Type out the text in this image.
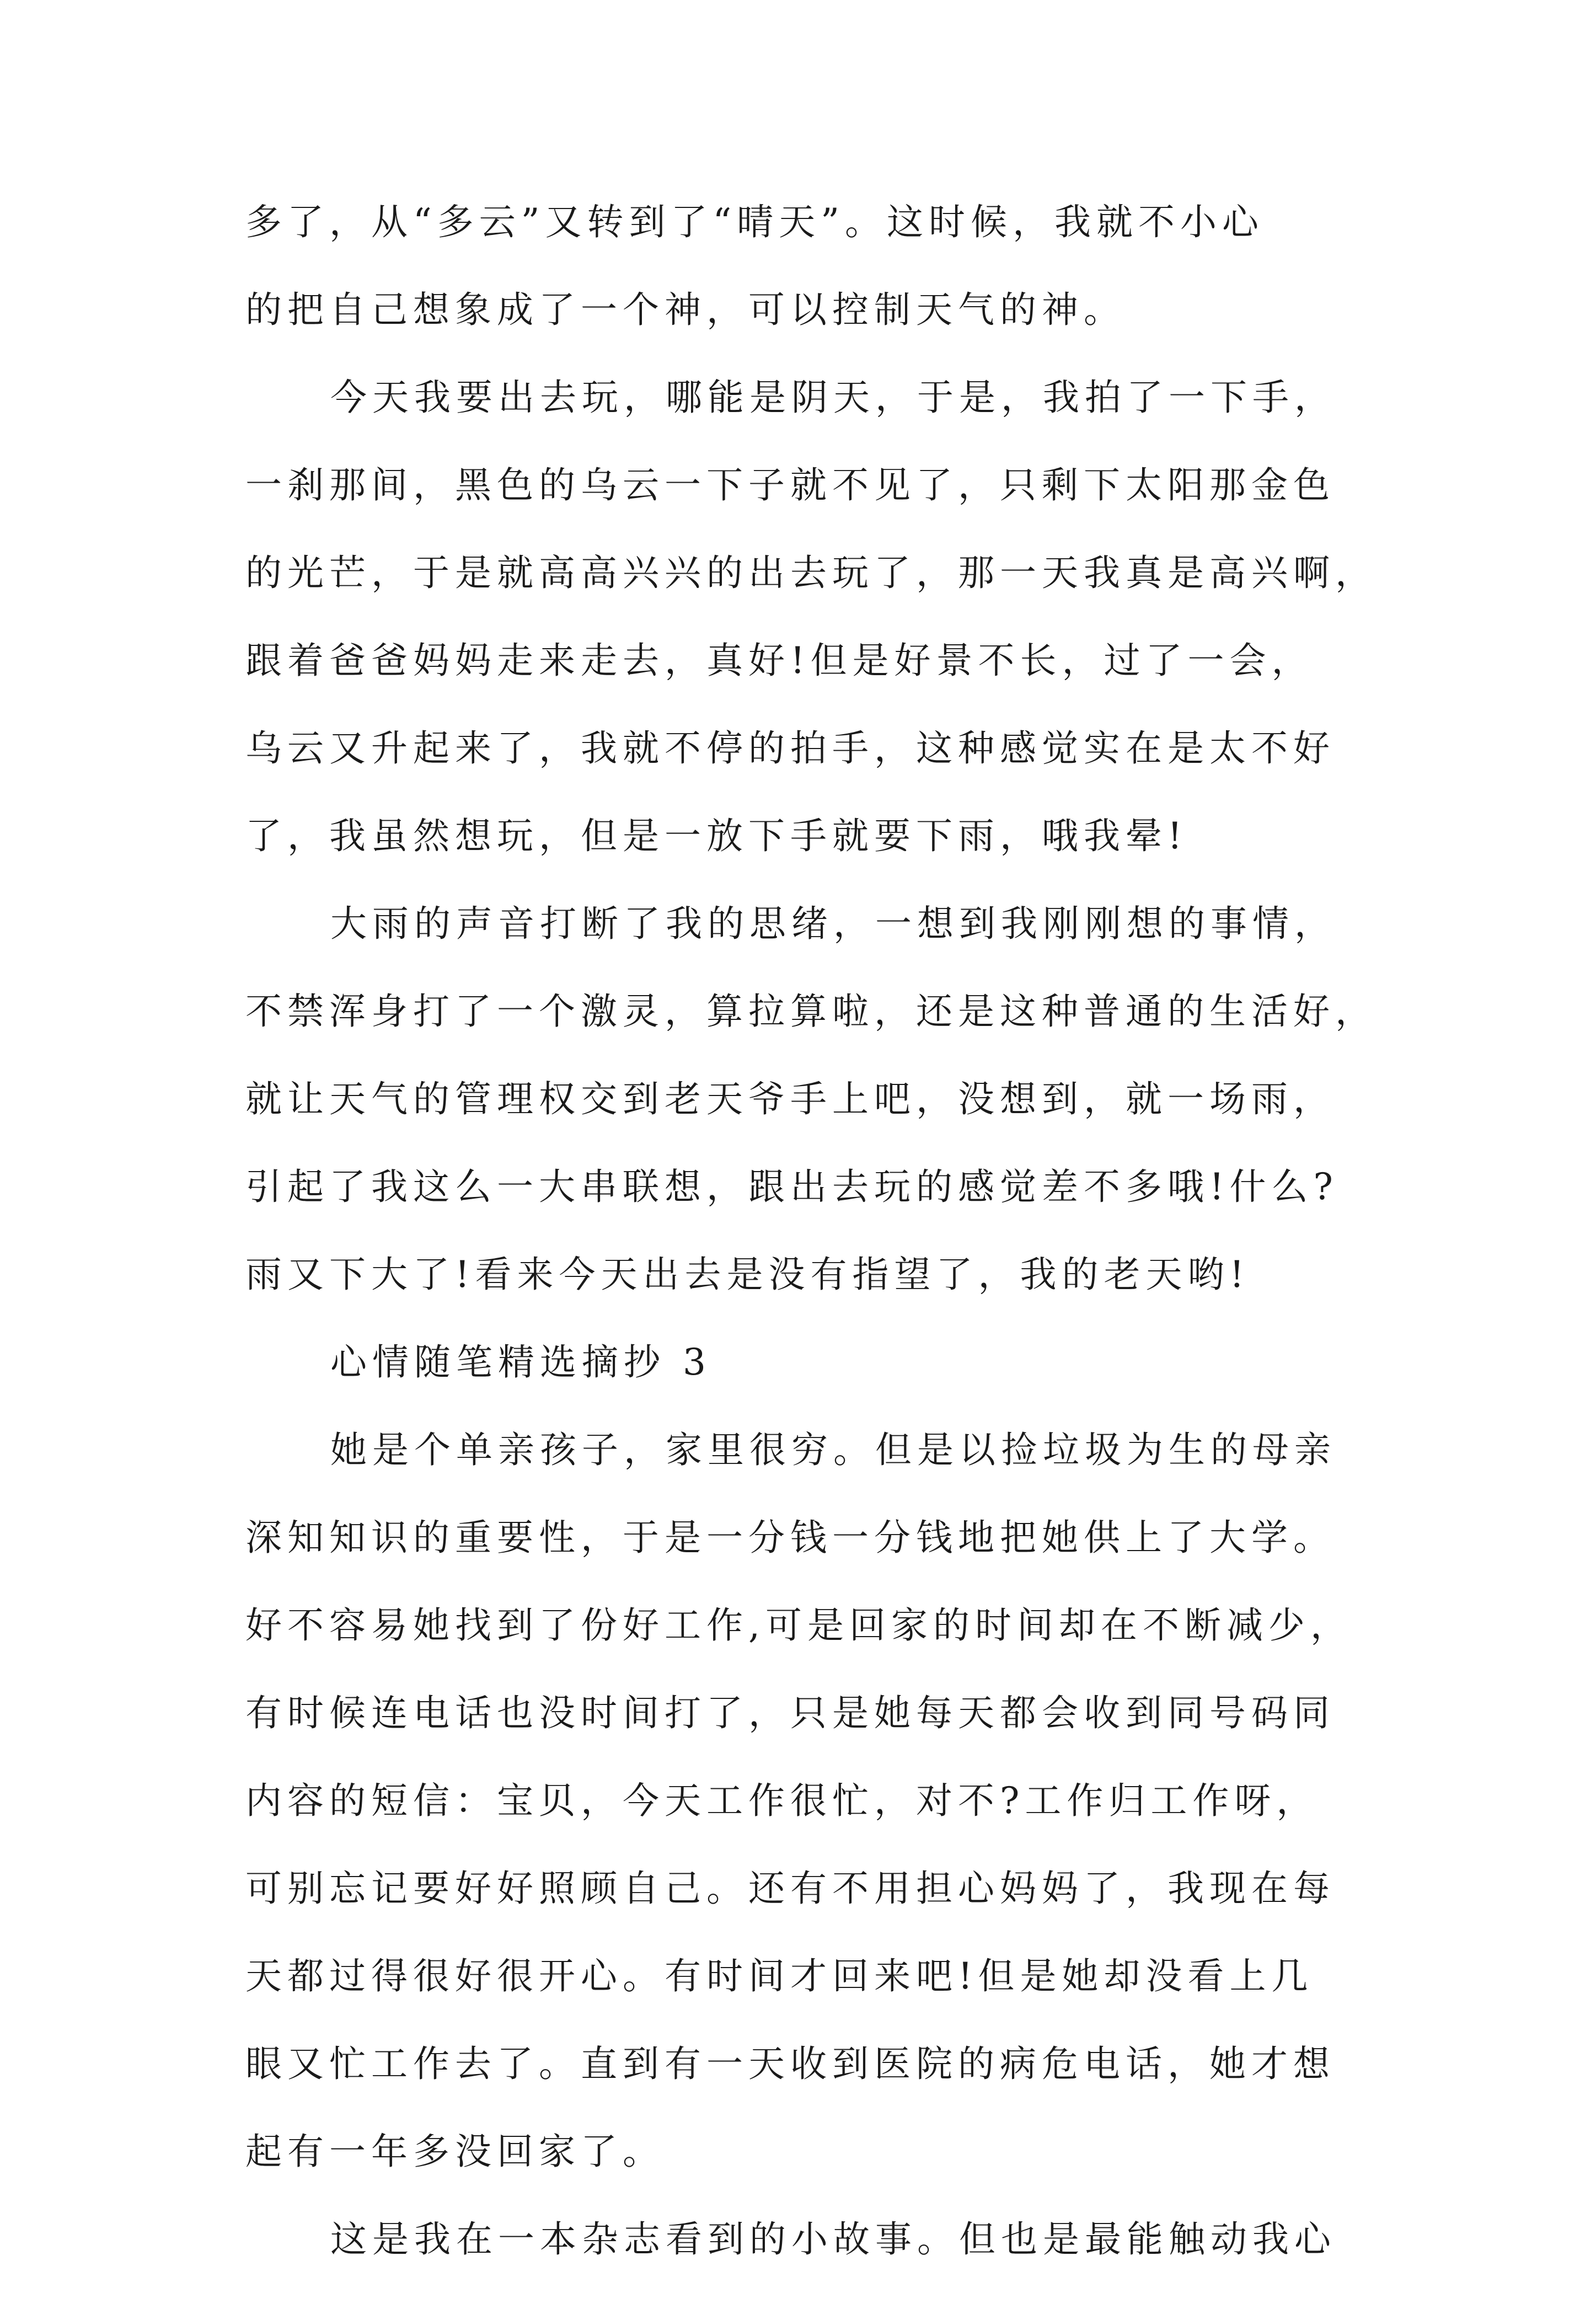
多了，从“多云”又转到了“晴天”。这时候，我就不小心

的把自己想象成了一个神，可以控制天气的神。

今天我要出去玩，哪能是阴天，于是，我拍了一下手，

一刹那间，黑色的乌云一下子就不见了，只剩下太阳那金色

的光芒，于是就高高兴兴的出去玩了，那一天我真是高兴啊，

跟着爸爸妈妈走来走去，真好!但是好景不长，过了一会，

乌云又升起来了，我就不停的拍手，这种感觉实在是太不好

了，我虽然想玩，但是一放下手就要下雨，哦我晕!

大雨的声音打断了我的思绪，一想到我刚刚想的事情，

不禁浑身打了一个激灵，算拉算啦，还是这种普通的生活好，

就让天气的管理权交到老天爷手上吧，没想到，就一场雨，

引起了我这么一大串联想，跟出去玩的感觉差不多哦!什么?

雨又下大了!看来今天出去是没有指望了，我的老天哟!

心情随笔精选摘抄 3

她是个单亲孩子，家里很穷。但是以捡垃圾为生的母亲

深知知识的重要性，于是一分钱一分钱地把她供上了大学。

好不容易她找到了份好工作,可是回家的时间却在不断减少，

有时候连电话也没时间打了，只是她每天都会收到同号码同

内容的短信：宝贝，今天工作很忙，对不?工作归工作呀，

可别忘记要好好照顾自己。还有不用担心妈妈了，我现在每

天都过得很好很开心。有时间才回来吧!但是她却没看上几

眼又忙工作去了。直到有一天收到医院的病危电话，她才想

起有一年多没回家了。

这是我在一本杂志看到的小故事。但也是最能触动我心
